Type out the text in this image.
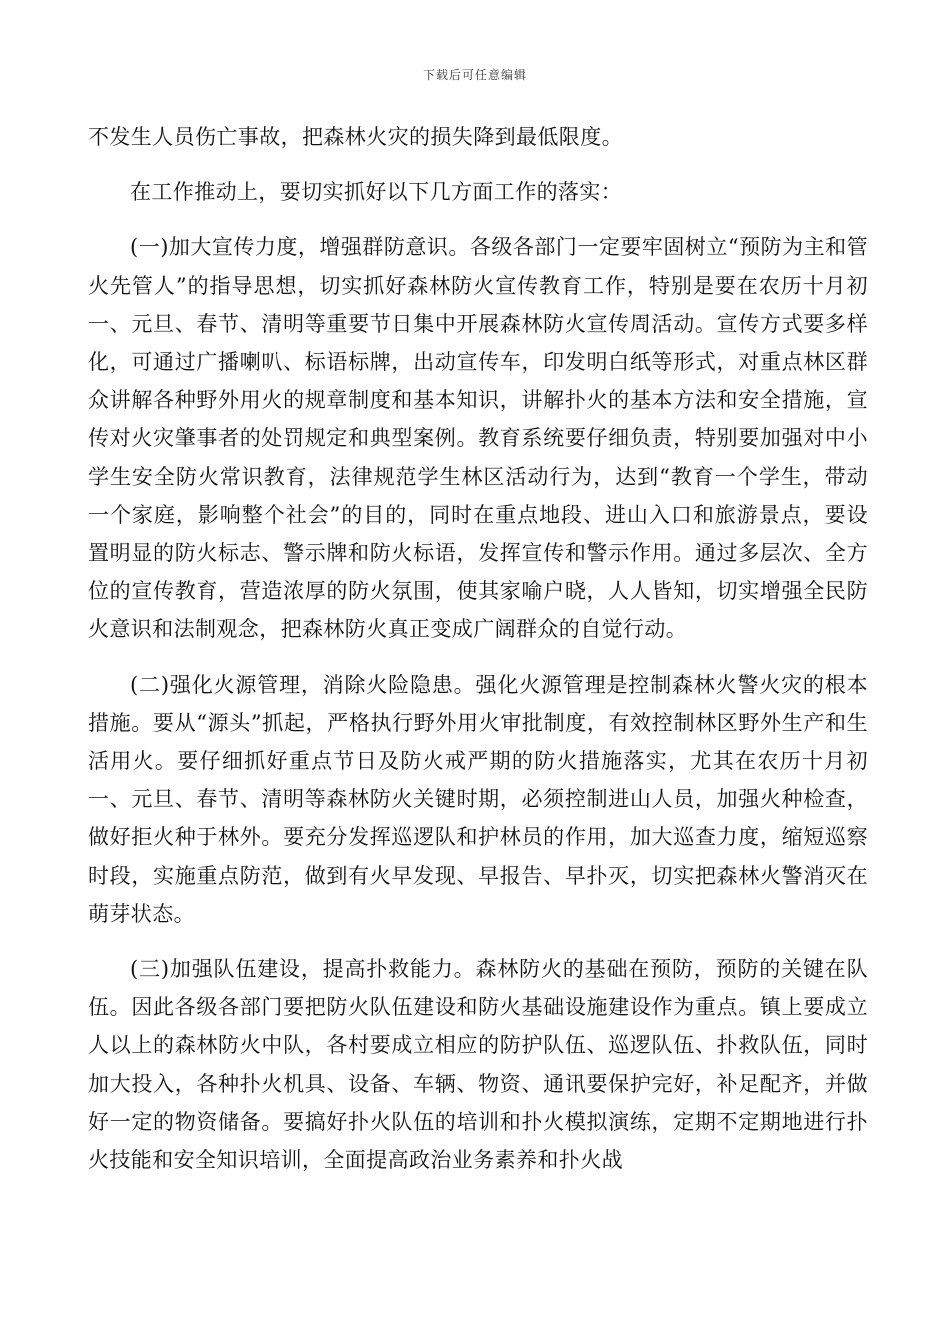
下载后可任意编辑

不发生人员伤亡事故，把森林火灾的损失降到最低限度。

在工作推动上，要切实抓好以下几方面工作的落实：

(一)加大宣传力度，增强群防意识。各级各部门一定要牢固树立“预防为主和管火先管人”的指导思想，切实抓好森林防火宣传教育工作，特别是要在农历十月初一、元旦、春节、清明等重要节日集中开展森林防火宣传周活动。宣传方式要多样化，可通过广播喇叭、标语标牌，出动宣传车，印发明白纸等形式，对重点林区群众讲解各种野外用火的规章制度和基本知识，讲解扑火的基本方法和安全措施，宣传对火灾肇事者的处罚规定和典型案例。教育系统要仔细负责，特别要加强对中小学生安全防火常识教育，法律规范学生林区活动行为，达到“教育一个学生，带动一个家庭，影响整个社会”的目的，同时在重点地段、进山入口和旅游景点，要设置明显的防火标志、警示牌和防火标语，发挥宣传和警示作用。通过多层次、全方位的宣传教育，营造浓厚的防火氛围，使其家喻户晓，人人皆知，切实增强全民防火意识和法制观念，把森林防火真正变成广阔群众的自觉行动。

(二)强化火源管理，消除火险隐患。强化火源管理是控制森林火警火灾的根本措施。要从“源头”抓起，严格执行野外用火审批制度，有效控制林区野外生产和生活用火。要仔细抓好重点节日及防火戒严期的防火措施落实，尤其在农历十月初一、元旦、春节、清明等森林防火关键时期，必须控制进山人员，加强火种检查，做好拒火种于林外。要充分发挥巡逻队和护林员的作用，加大巡查力度，缩短巡察时段，实施重点防范，做到有火早发现、早报告、早扑灭，切实把森林火警消灭在萌芽状态。

(三)加强队伍建设，提高扑救能力。森林防火的基础在预防，预防的关键在队伍。因此各级各部门要把防火队伍建设和防火基础设施建设作为重点。镇上要成立人以上的森林防火中队，各村要成立相应的防护队伍、巡逻队伍、扑救队伍，同时加大投入，各种扑火机具、设备、车辆、物资、通讯要保护完好，补足配齐，并做好一定的物资储备。要搞好扑火队伍的培训和扑火模拟演练，定期不定期地进行扑火技能和安全知识培训，全面提高政治业务素养和扑火战
